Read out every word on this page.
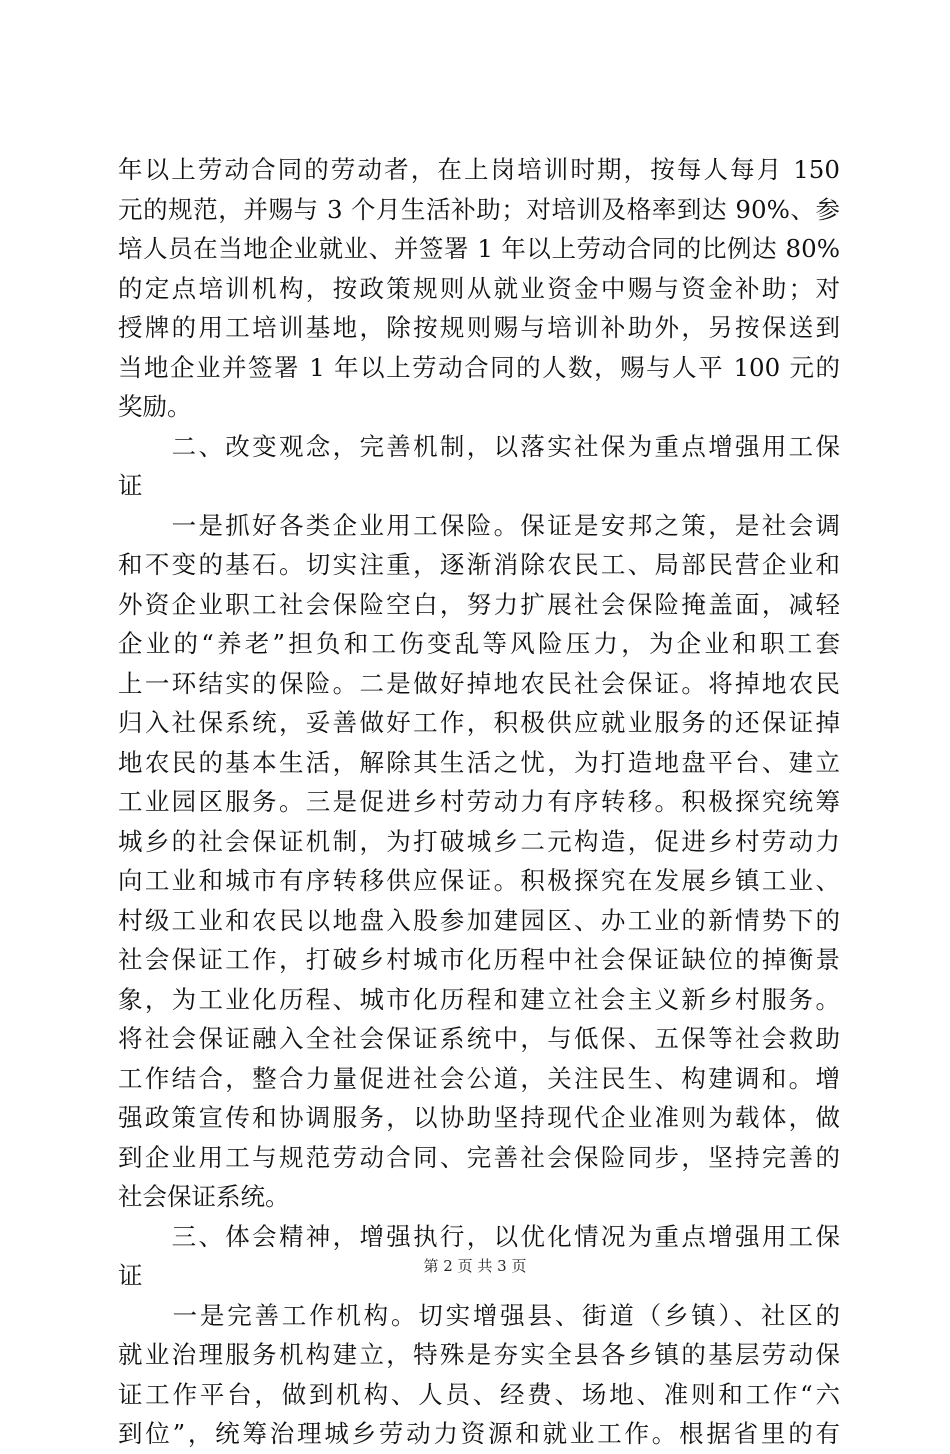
年以上劳动合同的劳动者，在上岗培训时期，按每人每月 150
元的规范，并赐与 3 个月生活补助；对培训及格率到达 90%、参
培人员在当地企业就业、并签署 1 年以上劳动合同的比例达 80%
的定点培训机构，按政策规则从就业资金中赐与资金补助；对
授牌的用工培训基地，除按规则赐与培训补助外，另按保送到
当地企业并签署 1 年以上劳动合同的人数，赐与人平 100 元的
奖励。
　　二、改变观念，完善机制，以落实社保为重点增强用工保
证
　　一是抓好各类企业用工保险。保证是安邦之策，是社会调
和不变的基石。切实注重，逐渐消除农民工、局部民营企业和
外资企业职工社会保险空白，努力扩展社会保险掩盖面，减轻
企业的“养老”担负和工伤变乱等风险压力，为企业和职工套
上一环结实的保险。二是做好掉地农民社会保证。将掉地农民
归入社保系统，妥善做好工作，积极供应就业服务的还保证掉
地农民的基本生活，解除其生活之忧，为打造地盘平台、建立
工业园区服务。三是促进乡村劳动力有序转移。积极探究统筹
城乡的社会保证机制，为打破城乡二元构造，促进乡村劳动力
向工业和城市有序转移供应保证。积极探究在发展乡镇工业、
村级工业和农民以地盘入股参加建园区、办工业的新情势下的
社会保证工作，打破乡村城市化历程中社会保证缺位的掉衡景
象，为工业化历程、城市化历程和建立社会主义新乡村服务。
将社会保证融入全社会保证系统中，与低保、五保等社会救助
工作结合，整合力量促进社会公道，关注民生、构建调和。增
强政策宣传和协调服务，以协助坚持现代企业准则为载体，做
到企业用工与规范劳动合同、完善社会保险同步，坚持完善的
社会保证系统。
　　三、体会精神，增强执行，以优化情况为重点增强用工保
证
　　一是完善工作机构。切实增强县、街道（乡镇）、社区的
就业治理服务机构建立，特殊是夯实全县各乡镇的基层劳动保
证工作平台，做到机构、人员、经费、场地、准则和工作“六
到位”，统筹治理城乡劳动力资源和就业工作。根据省里的有
第 2 页 共 3 页
